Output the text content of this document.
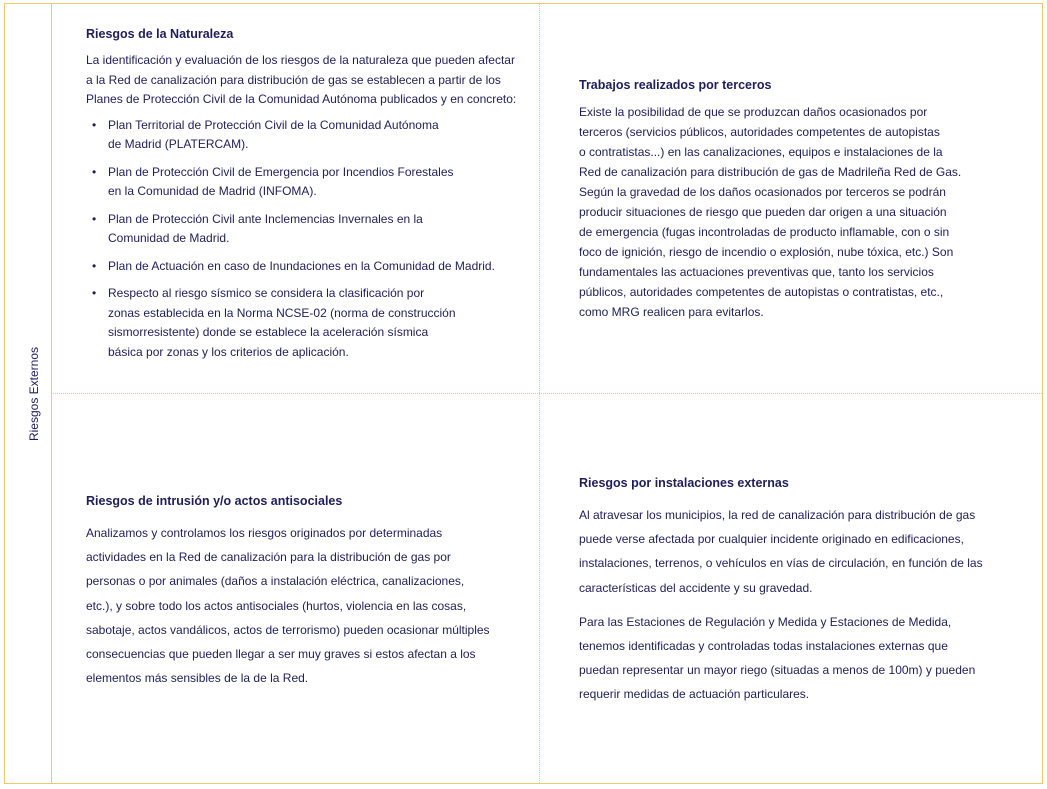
Riesgos Externos
Riesgos de la Naturaleza

La identificación y evaluación de los riesgos de la naturaleza que pueden afectar
a la Red de canalización para distribución de gas se establecen a partir de los
Planes de Protección Civil de la Comunidad Autónoma publicados y en concreto:

• Plan Territorial de Protección Civil de la Comunidad Autónoma
de Madrid (PLATERCAM).
• Plan de Protección Civil de Emergencia por Incendios Forestales
en la Comunidad de Madrid (INFOMA).
• Plan de Protección Civil ante Inclemencias Invernales en la
Comunidad de Madrid.
• Plan de Actuación en caso de Inundaciones en la Comunidad de Madrid.
• Respecto al riesgo sísmico se considera la clasificación por
zonas establecida en la Norma NCSE-02 (norma de construcción
sismorresistente) donde se establece la aceleración sísmica
básica por zonas y los criterios de aplicación.
Trabajos realizados por terceros

Existe la posibilidad de que se produzcan daños ocasionados por
terceros (servicios públicos, autoridades competentes de autopistas
o contratistas...) en las canalizaciones, equipos e instalaciones de la
Red de canalización para distribución de gas de Madrileña Red de Gas.
Según la gravedad de los daños ocasionados por terceros se podrán
producir situaciones de riesgo que pueden dar origen a una situación
de emergencia (fugas incontroladas de producto inflamable, con o sin
foco de ignición, riesgo de incendio o explosión, nube tóxica, etc.) Son
fundamentales las actuaciones preventivas que, tanto los servicios
públicos, autoridades competentes de autopistas o contratistas, etc.,
como MRG realicen para evitarlos.

Riesgos de intrusión y/o actos antisociales

Analizamos y controlamos los riesgos originados por determinadas
actividades en la Red de canalización para la distribución de gas por
personas o por animales (daños a instalación eléctrica, canalizaciones,
etc.), y sobre todo los actos antisociales (hurtos, violencia en las cosas,
sabotaje, actos vandálicos, actos de terrorismo) pueden ocasionar múltiples
consecuencias que pueden llegar a ser muy graves si estos afectan a los
elementos más sensibles de la de la Red.

Riesgos por instalaciones externas

Al atravesar los municipios, la red de canalización para distribución de gas
puede verse afectada por cualquier incidente originado en edificaciones,
instalaciones, terrenos, o vehículos en vías de circulación, en función de las
características del accidente y su gravedad.

Para las Estaciones de Regulación y Medida y Estaciones de Medida,
tenemos identificadas y controladas todas instalaciones externas que
puedan representar un mayor riego (situadas a menos de 100m) y pueden
requerir medidas de actuación particulares.
